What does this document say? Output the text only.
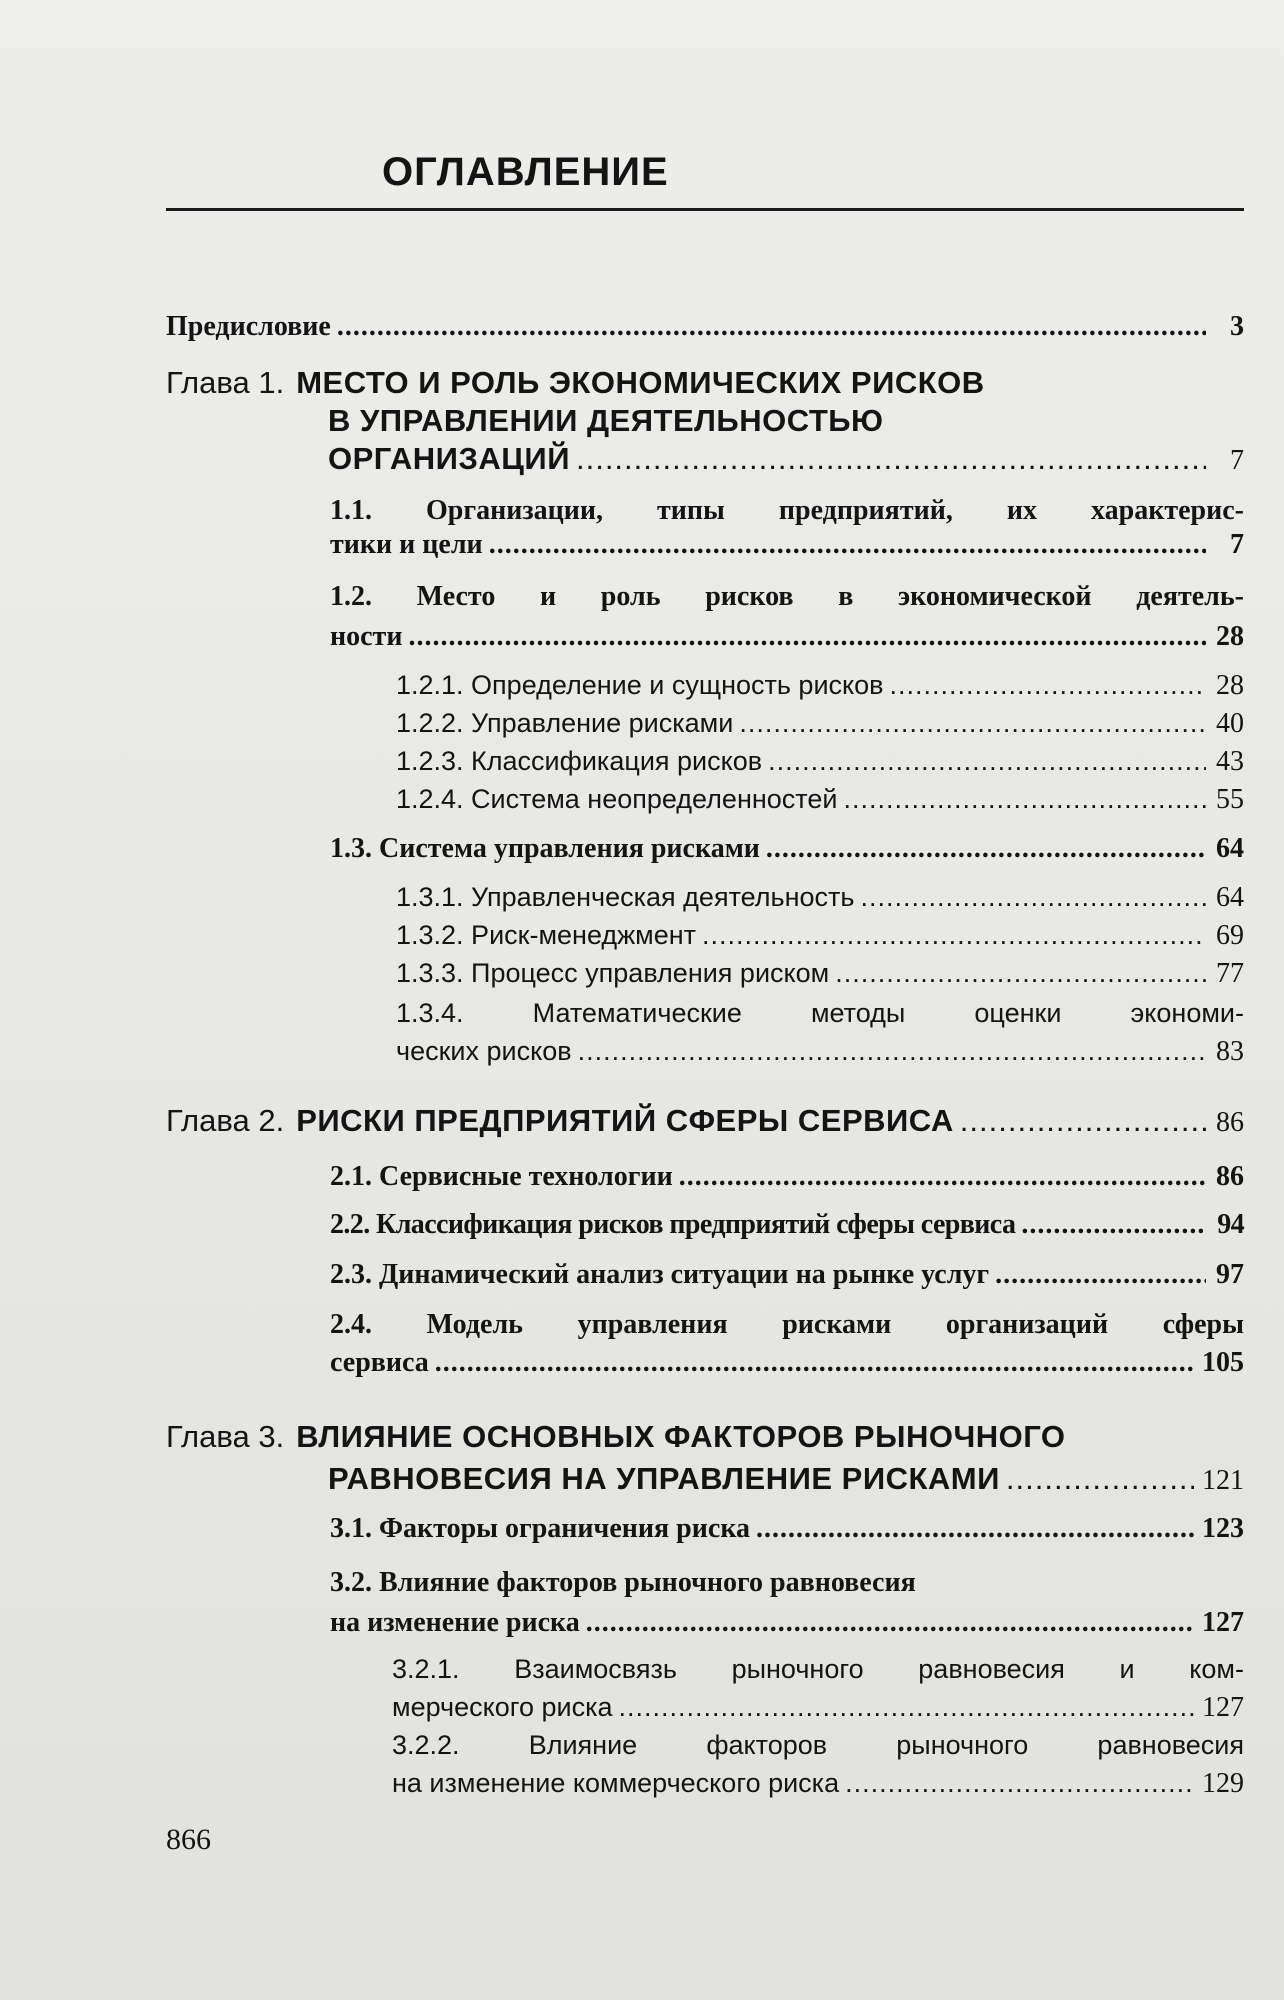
ОГЛАВЛЕНИЕ
Предисловие .....	3
Глава 1. МЕСТО И РОЛЬ ЭКОНОМИЧЕСКИХ РИСКОВ
В УПРАВЛЕНИИ ДЕЯТЕЛЬНОСТЬЮ
ОРГАНИЗАЦИЙ .....	7
1.1. Организации, типы предприятий, их характерис-
тики и цели .....	7
1.2. Место и роль рисков в экономической деятель-
ности .....	28
1.2.1. Определение и сущность рисков .....	28
1.2.2. Управление рисками .....	40
1.2.3. Классификация рисков .....	43
1.2.4. Система неопределенностей .....	55
1.3. Система управления рисками .....	64
1.3.1. Управленческая деятельность .....	64
1.3.2. Риск-менеджмент .....	69
1.3.3. Процесс управления риском .....	77
1.3.4. Математические методы оценки экономи-
ческих рисков .....	83
Глава 2. РИСКИ ПРЕДПРИЯТИЙ СФЕРЫ СЕРВИСА .....	86
2.1. Сервисные технологии .....	86
2.2. Классификация рисков предприятий сферы сервиса .....	94
2.3. Динамический анализ ситуации на рынке услуг .....	97
2.4. Модель управления рисками организаций сферы
сервиса .....	105
Глава 3. ВЛИЯНИЕ ОСНОВНЫХ ФАКТОРОВ РЫНОЧНОГО
РАВНОВЕСИЯ НА УПРАВЛЕНИЕ РИСКАМИ .....	121
3.1. Факторы ограничения риска .....	123
3.2. Влияние факторов рыночного равновесия
на изменение риска .....	127
3.2.1. Взаимосвязь рыночного равновесия и ком-
мерческого риска .....	127
3.2.2. Влияние факторов рыночного равновесия
на изменение коммерческого риска .....	129

866
